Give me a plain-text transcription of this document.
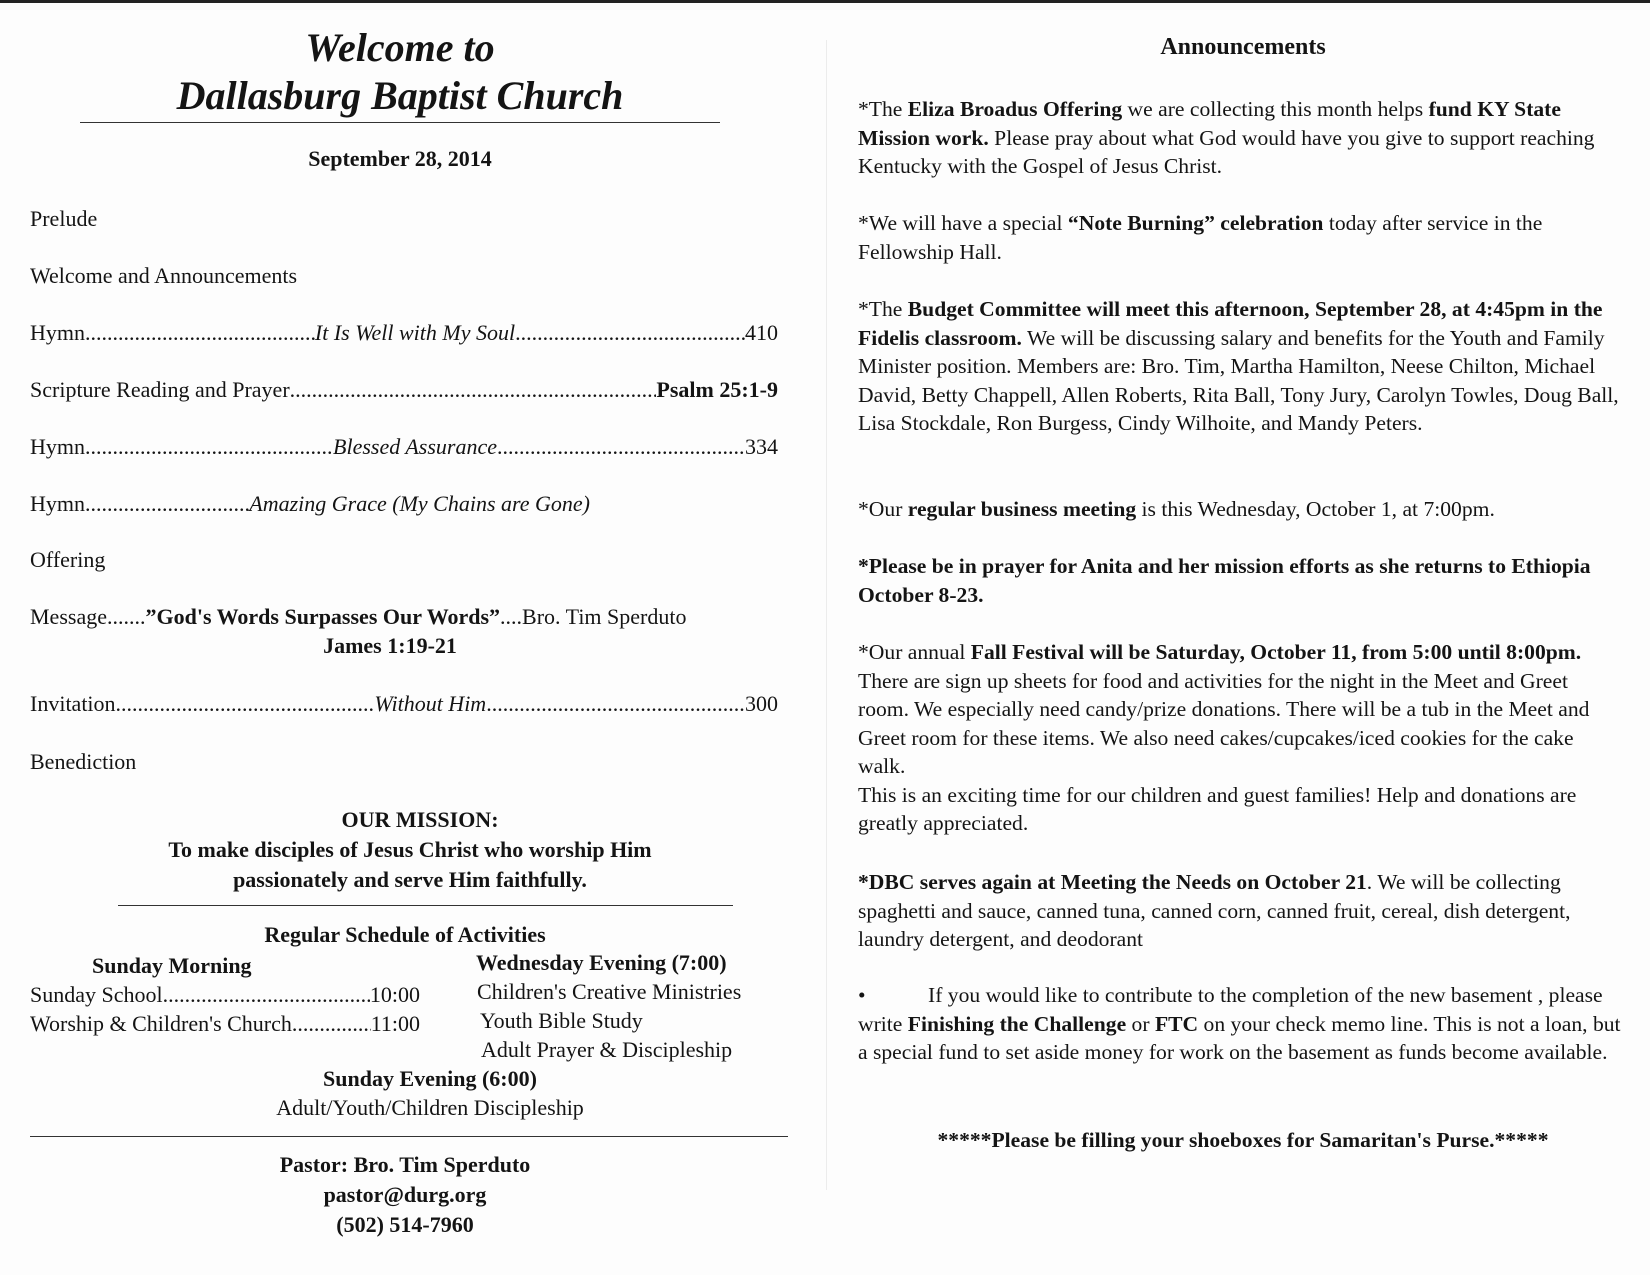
Welcome to
Dallasburg Baptist Church
September 28, 2014
Prelude
Welcome and Announcements
Hymn .....	It Is Well with My Soul .....	410
Scripture Reading and Prayer .....	Psalm 25:1-9
Hymn .....	Blessed Assurance .....	334
Hymn .....	Amazing Grace (My Chains are Gone)
Offering
Message ....... ”God's Words Surpasses Our Words” .... Bro. Tim Sperduto
James 1:19-21
Invitation .....	Without Him .....	300
Benediction
OUR MISSION:
To make disciples of Jesus Christ who worship Him
passionately and serve Him faithfully.
Regular Schedule of Activities
Sunday Morning
Sunday School .....	10:00
Worship & Children's Church .....	11:00
Wednesday Evening (7:00)
Children's Creative Ministries
Youth Bible Study
Adult Prayer & Discipleship
Sunday Evening (6:00)
Adult/Youth/Children Discipleship
Pastor: Bro. Tim Sperduto
pastor@durg.org
(502) 514-7960
Announcements
*The Eliza Broadus Offering we are collecting this month helps fund KY State Mission work. Please pray about what God would have you give to support reaching Kentucky with the Gospel of Jesus Christ.
*We will have a special “Note Burning” celebration today after service in the Fellowship Hall.
*The Budget Committee will meet this afternoon, September 28, at 4:45pm in the Fidelis classroom. We will be discussing salary and benefits for the Youth and Family Minister position. Members are: Bro. Tim, Martha Hamilton, Neese Chilton, Michael David, Betty Chappell, Allen Roberts, Rita Ball, Tony Jury, Carolyn Towles, Doug Ball, Lisa Stockdale, Ron Burgess, Cindy Wilhoite, and Mandy Peters.
*Our regular business meeting is this Wednesday, October 1, at 7:00pm.
*Please be in prayer for Anita and her mission efforts as she returns to Ethiopia October 8-23.
*Our annual Fall Festival will be Saturday, October 11, from 5:00 until 8:00pm. There are sign up sheets for food and activities for the night in the Meet and Greet room. We especially need candy/prize donations. There will be a tub in the Meet and Greet room for these items. We also need cakes/cupcakes/iced cookies for the cake walk.
This is an exciting time for our children and guest families! Help and donations are greatly appreciated.
*DBC serves again at Meeting the Needs on October 21. We will be collecting spaghetti and sauce, canned tuna, canned corn, canned fruit, cereal, dish detergent, laundry detergent, and deodorant
•	If you would like to contribute to the completion of the new basement , please write Finishing the Challenge or FTC on your check memo line. This is not a loan, but a special fund to set aside money for work on the basement as funds become available.
*****Please be filling your shoeboxes for Samaritan's Purse.*****
